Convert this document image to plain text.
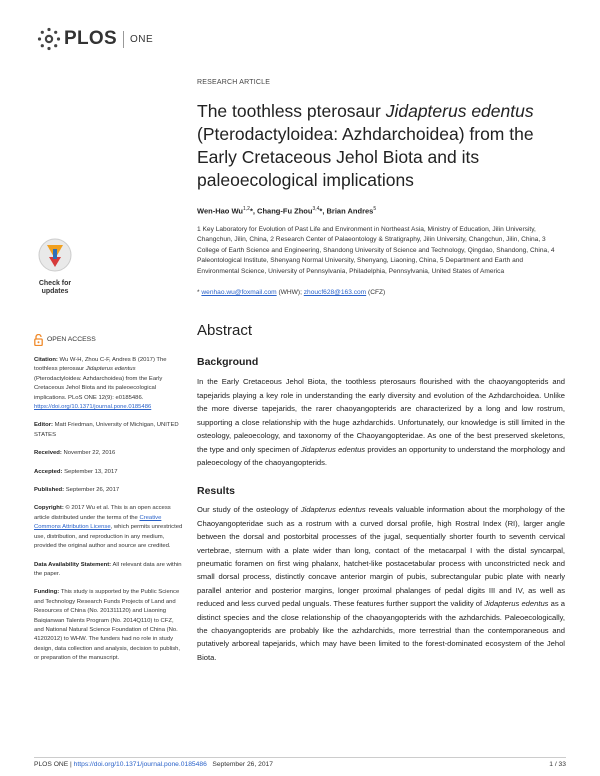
PLOS ONE
Check for updates
OPEN ACCESS
Citation: Wu W-H, Zhou C-F, Andres B (2017) The toothless pterosaur Jidapterus edentus (Pterodactyloidea: Azhdarchoidea) from the Early Cretaceous Jehol Biota and its paleoecological implications. PLoS ONE 12(9): e0185486. https://doi.org/10.1371/journal.pone.0185486
Editor: Matt Friedman, University of Michigan, UNITED STATES
Received: November 22, 2016
Accepted: September 13, 2017
Published: September 26, 2017
Copyright: © 2017 Wu et al. This is an open access article distributed under the terms of the Creative Commons Attribution License, which permits unrestricted use, distribution, and reproduction in any medium, provided the original author and source are credited.
Data Availability Statement: All relevant data are within the paper.
Funding: This study is supported by the Public Science and Technology Research Funds Projects of Land and Resources of China (No. 201311120) and Liaoning Baiqianwan Talents Program (No. 2014Q110) to CFZ, and National Natural Science Foundation of China (No. 41202012) to WHW. The funders had no role in study design, data collection and analysis, decision to publish, or preparation of the manuscript.
RESEARCH ARTICLE
The toothless pterosaur Jidapterus edentus (Pterodactyloidea: Azhdarchoidea) from the Early Cretaceous Jehol Biota and its paleoecological implications
Wen-Hao Wu$^{1,2}$*, Chang-Fu Zhou$^{3,4}$*, Brian Andres$^5$
1 Key Laboratory for Evolution of Past Life and Environment in Northeast Asia, Ministry of Education, Jilin University, Changchun, Jilin, China, 2 Research Center of Palaeontology & Stratigraphy, Jilin University, Changchun, Jilin, China, 3 College of Earth Science and Engineering, Shandong University of Science and Technology, Qingdao, Shandong, China, 4 Paleontological Institute, Shenyang Normal University, Shenyang, Liaoning, China, 5 Department and Earth and Environmental Science, University of Pennsylvania, Philadelphia, Pennsylvania, United States of America
* wenhao.wu@foxmail.com (WHW); zhoucf628@163.com (CFZ)
Abstract
Background

In the Early Cretaceous Jehol Biota, the toothless pterosaurs flourished with the chaoyangopterids and tapejarids playing a key role in understanding the early diversity and evolution of the Azhdarchoidea. Unlike the more diverse tapejarids, the rarer chaoyangopterids are characterized by a long and low rostrum, supporting a close relationship with the huge azhdarchids. Unfortunately, our knowledge is still limited in the osteology, paleoecology, and taxonomy of the Chaoyangopteridae. As one of the best preserved skeletons, the type and only specimen of Jidapterus edentus provides an opportunity to understand the morphology and paleoecology of the chaoyangopterids.

Results

Our study of the osteology of Jidapterus edentus reveals valuable information about the morphology of the Chaoyangopteridae such as a rostrum with a curved dorsal profile, high Rostral Index (RI), larger angle between the dorsal and postorbital processes of the jugal, sequentially shorter fourth to seventh cervical vertebrae, sternum with a plate wider than long, contact of the metacarpal I with the distal syncarpal, pneumatic foramen on first wing phalanx, hatchet-like postacetabular process with unconstricted neck and small dorsal process, distinctly concave anterior margin of pubis, subrectangular pubic plate with nearly parallel anterior and posterior margins, longer proximal phalanges of pedal digits III and IV, as well as reduced and less curved pedal unguals. These features further support the validity of Jidapterus edentus as a distinct species and the close relationship of the chaoyangopterids with the azhdarchids. Paleoecologically, the chaoyangopterids are probably like the azhdarchids, more terrestrial than the contemporaneous and putatively arboreal tapejarids, which may have been limited to the forest-dominated ecosystem of the Jehol Biota.

PLOS ONE | https://doi.org/10.1371/journal.pone.0185486 September 26, 2017	1 / 33
